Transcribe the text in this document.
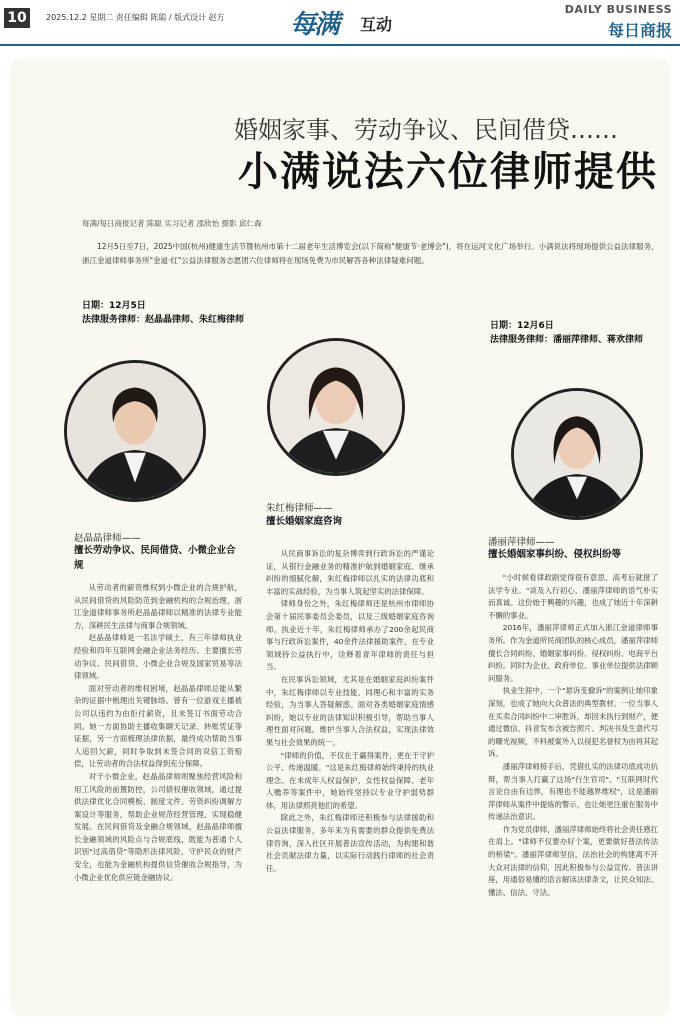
10	2025.12.2 星期二 责任编辑 陈聪 / 版式设计 赵方	每满 互动
DAILY BUSINESS
每日商报
婚姻家事、劳动争议、民间借贷……
小满说法六位律师提供
每满/每日商报记者 陈聪 实习记者 邵欣怡 摄影 邱仁森
12月5日至7日，2025中国(杭州)健康生活节暨杭州市第十二届老年生活博览会(以下简称"健康节·老博会")，将在运河文化广场举行。小满说法将现场提供公益法律服务，浙江金道律师事务所"金道·红"公益法律服务志愿团六位律师将在现场免费为市民解答各种法律疑难问题。
日期：12月5日
法律服务律师：赵晶晶律师、朱红梅律师
日期：12月6日
法律服务律师：潘丽萍律师、蒋欢律师
赵晶晶律师——
擅长劳动争议、民间借贷、小微企业合规

从劳动者的薪资维权到小微企业的合规护航，从民间借贷的风险防范到金融机构的合规治理，浙江金道律师事务所赵晶晶律师以精准的法律专业能力，深耕民生法律与商事合规领域。

赵晶晶律师是一名法学硕士，有三年律师执业经验和四年互联网金融企业法务经历。主要擅长劳动争议、民间借贷、小微企业合规及国家贸易等法律领域。

面对劳动者的维权困境，赵晶晶律师总能从繁杂的证据中梳理出关键脉络。曾有一位游戏主播被公司以违约为由拒付薪资，且未签订书面劳动合同。她一方面协助主播收集聊天记录、转账凭证等证据，另一方面梳理法律依据，最终成功帮助当事人追回欠薪，同时争取到未签合同的双倍工资赔偿，让劳动者的合法权益得到充分保障。

对于小微企业，赵晶晶律师则聚焦经营风险和用工风险的前置防控，公司债权催收领域，通过提供法律优化合同模板、制度文件、劳资纠纷调解方案设计等服务，帮助企业规范经营管理，实现稳健发展。在民间借贷及金融合规领域，赵晶晶律师擅长金融领域的风险点与合规底线，既能为普通个人识别"过高借贷"等隐形法律风险，守护民众的财产安全，也能为金融机构提供信贷催收合规指导，为小微企业优化供应链金融协议。

朱红梅律师——
擅长婚姻家庭咨询

从民商事诉讼的复杂博弈到行政诉讼的严谨论证，从银行金融业务的精准护航到婚姻家庭、继承纠纷的细腻化解，朱红梅律师以扎实的法律功底和丰富的实战经验，为当事人筑起坚实的法律保障。

律师身份之外，朱红梅律师还是杭州市律师协会第十届民事委员会委员，以及三级婚姻家庭咨询师。执业近十年，朱红梅律师承办了200余起民商事与行政诉讼案件，40余件法律援助案件，在专业领域持公益执行中，诠释着青年律师的责任与担当。

在民事诉讼领域，尤其是在婚姻家庭纠纷案件中，朱红梅律师以专业技能、同理心和丰富的实务经验，为当事人答疑解惑。面对各类婚姻家庭情感纠纷，她以专业的法律知识积极引导，帮助当事人理性面对问题，维护当事人合法权益，实现法律效果与社会效果的统一。

"律师的价值，不仅在于赢得案件，更在于守护公平、传递温暖。"这是朱红梅律师始终秉持的执业理念。在未成年人权益保护、女性权益保障、老年人赡养等案件中，她始终坚持以专业守护弱势群体，用法律照亮他们的希望。

除此之外，朱红梅律师还积极参与法律援助和公益法律服务，多年来为有需要的群众提供免费法律咨询，深入社区开展普法宣传活动，为构建和谐社会贡献法律力量，以实际行动践行律师的社会责任。

潘丽萍律师——
擅长婚姻家事纠纷、侵权纠纷等

"小时候看律政剧觉得很有意思，高考后就报了法学专业。"谈及入行初心，潘丽萍律师的语气朴实而真诚。这份始于興趣的兴趣，也成了她近十年深耕不懈的事业。

2016年，潘丽萍律师正式加入浙江金道律师事务所。作为金道所民商团队的核心成员，潘丽萍律师擅长合同纠纷、婚姻家事纠纷、侵权纠纷、电商平台纠纷。同时为企业、政府单位、事业单位提供法律顾问服务。

执业生涯中，一个"悬诉变撤诉"的案例让她印象深刻，也成了她向大众普法的典型教材。一位当事人在买卖合同纠纷中二审胜诉，却因未执行到财产，便通过微信、抖音发布含被告照片、判决书及生意代号的曝光视频，不料被案外人以侵犯名誉权为由将其起诉。

潘丽萍律师接手后，凭借扎实的法律功底成功抗辩，帮当事人打赢了这场"行生官司"。"互联网时代言论自由有边界，有理也不能越界维权"，这是潘丽萍律师从案件中提炼的警示，也让她更注重在服务中传递法治意识。

作为党员律师，潘丽萍律师始终将社会责任感扛在肩上。"律师不仅要办好个案，更要做好普法传法的桥梁"。潘丽萍律师坚信，法治社会的构建离不开大众对法律的信仰，因此积极参与公益宣传、普法讲座，用通俗易懂的语言解读法律条文，让民众知法、懂法、信法、守法。
